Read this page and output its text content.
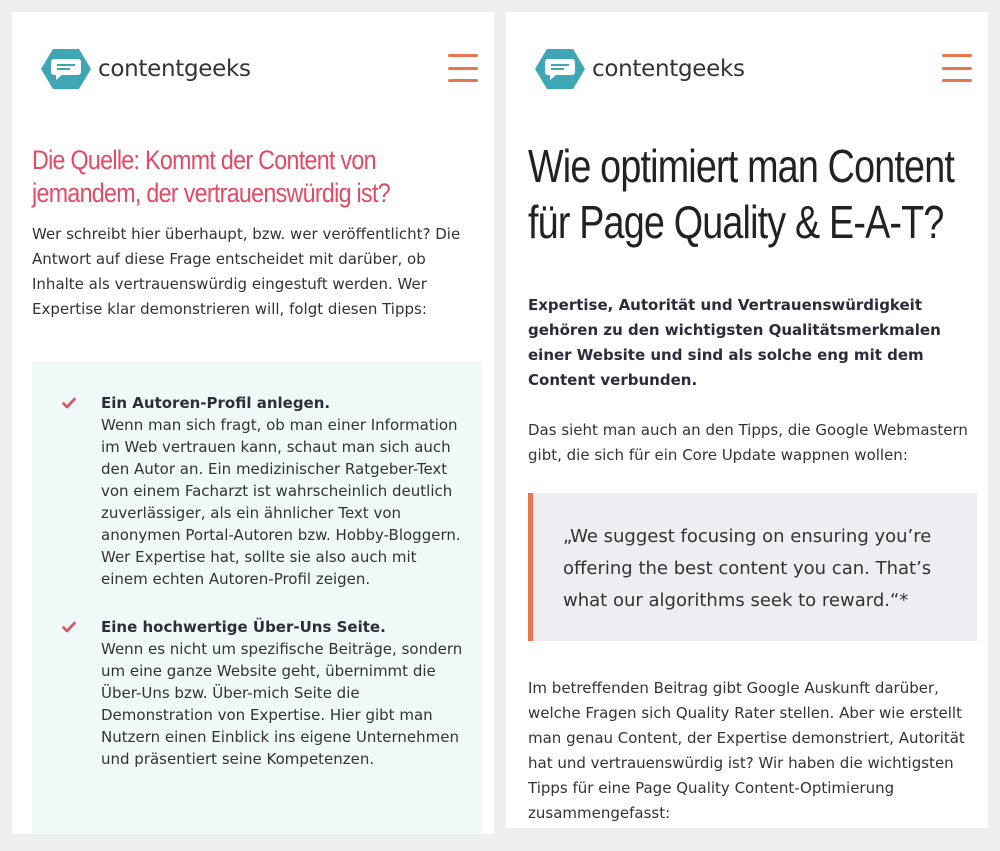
contentgeeks
Die Quelle: Kommt der Content von jemandem, der vertrauenswürdig ist?

Wer schreibt hier überhaupt, bzw. wer veröffentlicht? Die Antwort auf diese Frage entscheidet mit darüber, ob Inhalte als vertrauenswürdig eingestuft werden. Wer Expertise klar demonstrieren will, folgt diesen Tipps:

Ein Autoren-Profil anlegen.
Wenn man sich fragt, ob man einer Information im Web vertrauen kann, schaut man sich auch den Autor an. Ein medizinischer Ratgeber-Text von einem Facharzt ist wahrscheinlich deutlich zuverlässiger, als ein ähnlicher Text von anonymen Portal-Autoren bzw. Hobby-Bloggern. Wer Expertise hat, sollte sie also auch mit einem echten Autoren-Profil zeigen.
Eine hochwertige Über-Uns Seite.
Wenn es nicht um spezifische Beiträge, sondern um eine ganze Website geht, übernimmt die Über-Uns bzw. Über-mich Seite die Demonstration von Expertise. Hier gibt man Nutzern einen Einblick ins eigene Unternehmen und präsentiert seine Kompetenzen.
contentgeeks
Wie optimiert man Content für Page Quality & E-A-T?

Expertise, Autorität und Vertrauenswürdigkeit gehören zu den wichtigsten Qualitätsmerkmalen einer Website und sind als solche eng mit dem Content verbunden.

Das sieht man auch an den Tipps, die Google Webmastern gibt, die sich für ein Core Update wappnen wollen:

„We suggest focusing on ensuring you’re offering the best content you can. That’s what our algorithms seek to reward.“*

Im betreffenden Beitrag gibt Google Auskunft darüber, welche Fragen sich Quality Rater stellen. Aber wie erstellt man genau Content, der Expertise demonstriert, Autorität hat und vertrauenswürdig ist? Wir haben die wichtigsten Tipps für eine Page Quality Content-Optimierung zusammengefasst:
